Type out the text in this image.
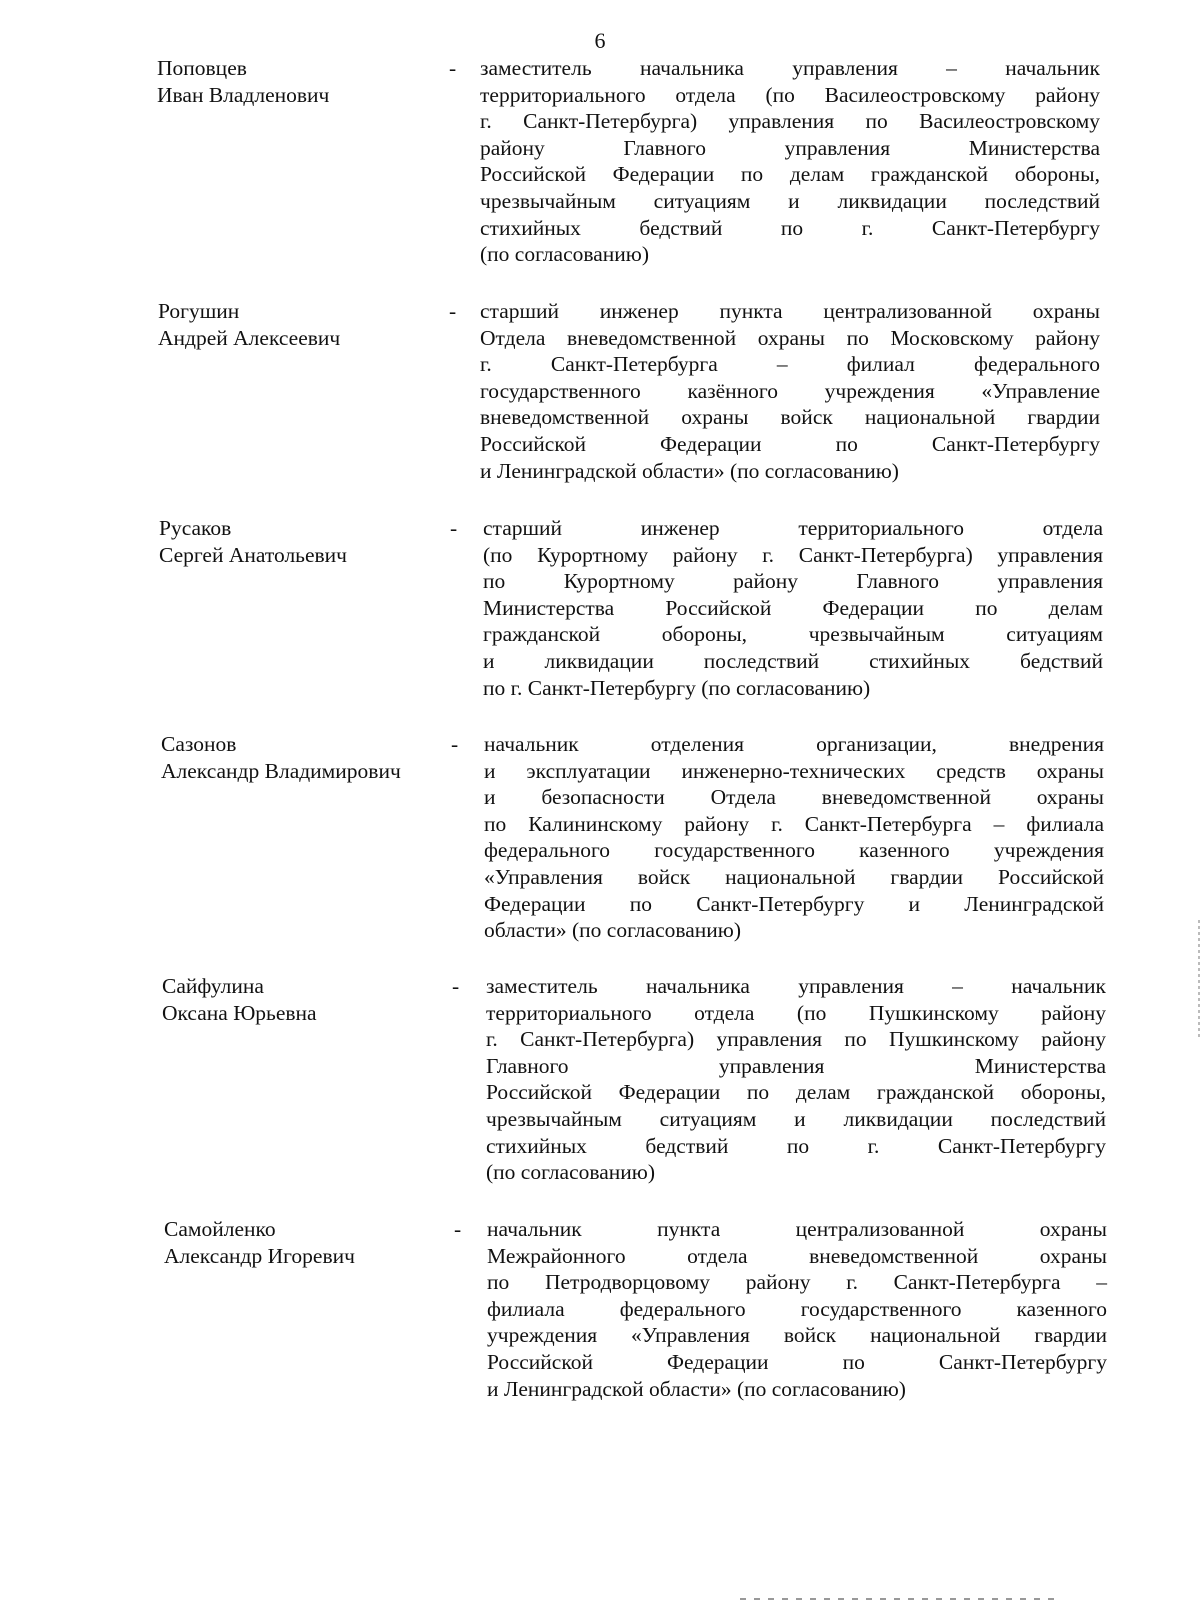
6
Поповцев
Иван Владленович
- заместитель начальника управления – начальник
территориального отдела (по Василеостровскому району
г. Санкт-Петербурга) управления по Василеостровскому
району Главного управления Министерства
Российской Федерации по делам гражданской обороны,
чрезвычайным ситуациям и ликвидации последствий
стихийных бедствий по г. Санкт-Петербургу
(по согласованию)
Рогушин
Андрей Алексеевич
- старший инженер пункта централизованной охраны
Отдела вневедомственной охраны по Московскому району
г. Санкт-Петербурга – филиал федерального
государственного казённого учреждения «Управление
вневедомственной охраны войск национальной гвардии
Российской Федерации по Санкт-Петербургу
и Ленинградской области» (по согласованию)
Русаков
Сергей Анатольевич
- старший инженер территориального отдела
(по Курортному району г. Санкт-Петербурга) управления
по Курортному району Главного управления
Министерства Российской Федерации по делам
гражданской обороны, чрезвычайным ситуациям
и ликвидации последствий стихийных бедствий
по г. Санкт-Петербургу (по согласованию)
Сазонов
Александр Владимирович
- начальник отделения организации, внедрения
и эксплуатации инженерно-технических средств охраны
и безопасности Отдела вневедомственной охраны
по Калининскому району г. Санкт-Петербурга – филиала
федерального государственного казенного учреждения
«Управления войск национальной гвардии Российской
Федерации по Санкт-Петербургу и Ленинградской
области» (по согласованию)
Сайфулина
Оксана Юрьевна
- заместитель начальника управления – начальник
территориального отдела (по Пушкинскому району
г. Санкт-Петербурга) управления по Пушкинскому району
Главного управления Министерства
Российской Федерации по делам гражданской обороны,
чрезвычайным ситуациям и ликвидации последствий
стихийных бедствий по г. Санкт-Петербургу
(по согласованию)
Самойленко
Александр Игоревич
- начальник пункта централизованной охраны
Межрайонного отдела вневедомственной охраны
по Петродворцовому району г. Санкт-Петербурга –
филиала федерального государственного казенного
учреждения «Управления войск национальной гвардии
Российской Федерации по Санкт-Петербургу
и Ленинградской области» (по согласованию)
